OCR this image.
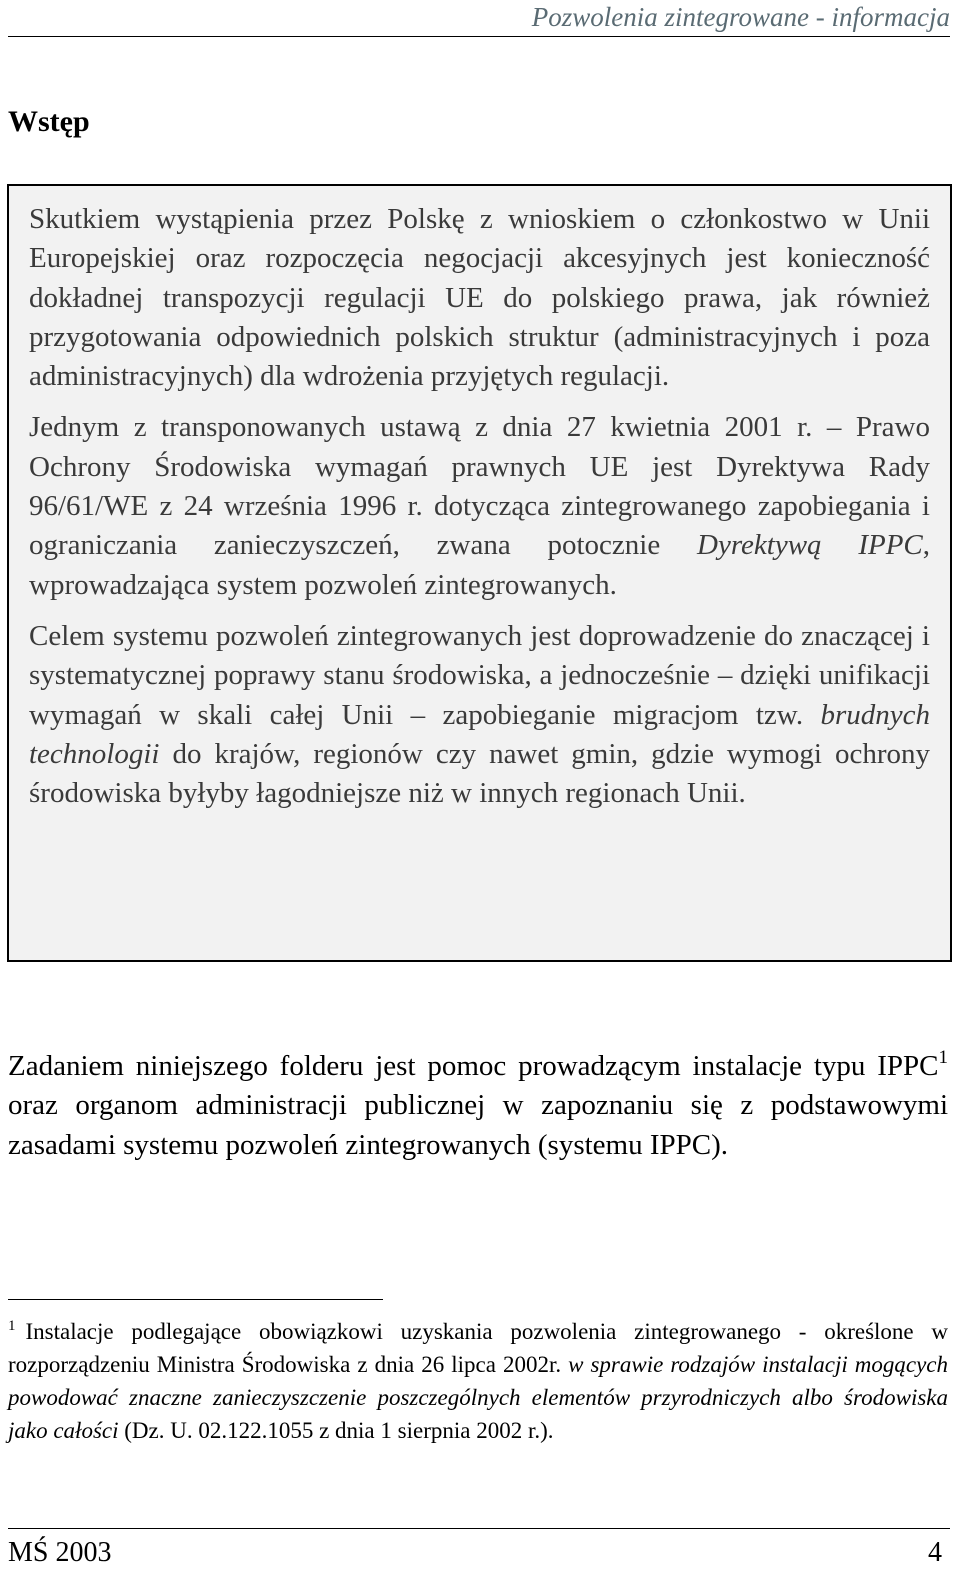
Pozwolenia zintegrowane - informacja
Wstęp

Skutkiem wystąpienia przez Polskę z wnioskiem o członkostwo w Unii Europejskiej oraz rozpoczęcia negocjacji akcesyjnych jest konieczność dokładnej transpozycji regulacji UE do polskiego prawa, jak również przygotowania odpowiednich polskich struktur (administracyjnych i poza administracyjnych) dla wdrożenia przyjętych regulacji.

Jednym z transponowanych ustawą z dnia 27 kwietnia 2001 r. – Prawo Ochrony Środowiska wymagań prawnych UE jest Dyrektywa Rady 96/61/WE z 24 września 1996 r. dotycząca zintegrowanego zapobiegania i ograniczania zanieczyszczeń, zwana potocznie Dyrektywą IPPC, wprowadzająca system pozwoleń zintegrowanych.

Celem systemu pozwoleń zintegrowanych jest doprowadzenie do znaczącej i systematycznej poprawy stanu środowiska, a jednocześnie – dzięki unifikacji wymagań w skali całej Unii – zapobieganie migracjom tzw. brudnych technologii do krajów, regionów czy nawet gmin, gdzie wymogi ochrony środowiska byłyby łagodniejsze niż w innych regionach Unii.

Zadaniem niniejszego folderu jest pomoc prowadzącym instalacje typu IPPC$^1$ oraz organom administracji publicznej w zapoznaniu się z podstawowymi zasadami systemu pozwoleń zintegrowanych (systemu IPPC).

$^1$ Instalacje podlegające obowiązkowi uzyskania pozwolenia zintegrowanego - określone w rozporządzeniu Ministra Środowiska z dnia 26 lipca 2002r. w sprawie rodzajów instalacji mogących powodować znaczne zanieczyszczenie poszczególnych elementów przyrodniczych albo środowiska jako całości (Dz. U. 02.122.1055 z dnia 1 sierpnia 2002 r.).

MŚ 2003	4
